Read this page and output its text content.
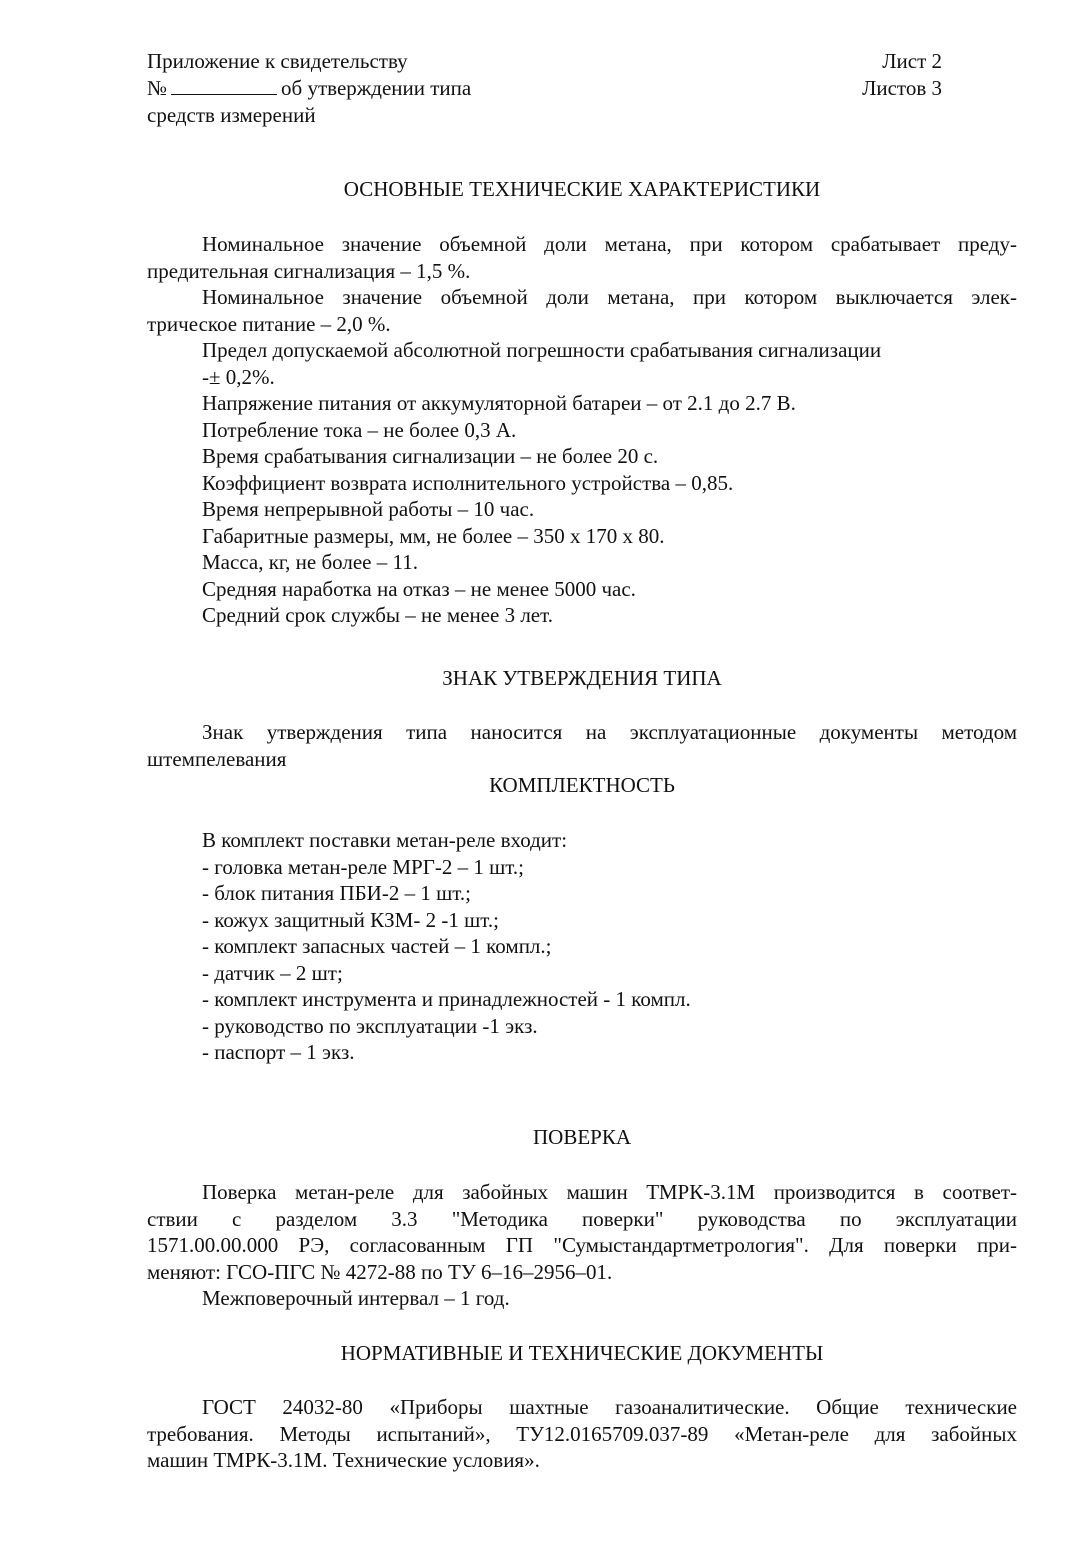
Приложение к свидетельству
№	об утверждении типа
средств измерений
Лист 2
Листов 3
ОСНОВНЫЕ ТЕХНИЧЕСКИЕ ХАРАКТЕРИСТИКИ
Номинальное значение объемной доли метана, при котором срабатывает преду-
предительная сигнализация – 1,5 %.
Номинальное значение объемной доли метана, при котором выключается элек-
трическое питание – 2,0 %.
Предел допускаемой абсолютной погрешности срабатывания сигнализации
-± 0,2%.
Напряжение питания от аккумуляторной батареи – от 2.1 до 2.7 В.
Потребление тока – не более 0,3 А.
Время срабатывания сигнализации – не более 20 с.
Коэффициент возврата исполнительного устройства – 0,85.
Время непрерывной работы – 10 час.
Габаритные размеры, мм, не более – 350 х 170 х 80.
Масса, кг, не более – 11.
Средняя наработка на отказ – не менее 5000 час.
Средний срок службы – не менее 3 лет.
ЗНАК УТВЕРЖДЕНИЯ ТИПА
Знак утверждения типа наносится на эксплуатационные документы методом
штемпелевания
КОМПЛЕКТНОСТЬ
В комплект поставки метан-реле входит:
- головка метан-реле МРГ-2 – 1 шт.;
- блок питания ПБИ-2 – 1 шт.;
- кожух защитный КЗМ- 2 -1 шт.;
- комплект запасных частей – 1 компл.;
- датчик – 2 шт;
- комплект инструмента и принадлежностей - 1 компл.
- руководство по эксплуатации -1 экз.
- паспорт – 1 экз.
ПОВЕРКА
Поверка метан-реле для забойных машин ТМРК-3.1М производится в соответ-
ствии с разделом 3.3 "Методика поверки" руководства по эксплуатации
1571.00.00.000 РЭ, согласованным ГП "Сумыстандартметрология". Для поверки при-
меняют: ГСО-ПГС № 4272-88 по ТУ 6–16–2956–01.
Межповерочный интервал – 1 год.
НОРМАТИВНЫЕ И ТЕХНИЧЕСКИЕ ДОКУМЕНТЫ
ГОСТ 24032-80 «Приборы шахтные газоаналитические. Общие технические
требования. Методы испытаний», ТУ12.0165709.037-89 «Метан-реле для забойных
машин ТМРК-3.1М. Технические условия».
